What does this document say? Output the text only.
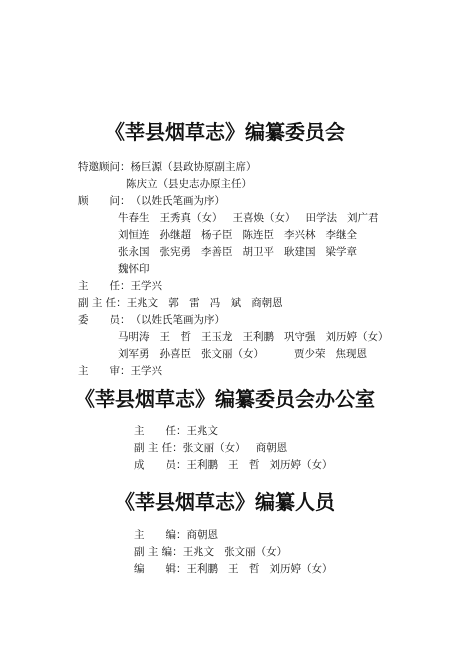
《莘县烟草志》编纂委员会
特邀顾问：杨巨源（县政协原副主席）
陈庆立（县史志办原主任）
顾　　问：（以姓氏笔画为序）
牛春生 王秀真（女） 王喜焕（女） 田学法 刘广君
刘恒连 孙继超 杨子臣 陈连臣 李兴林 李继全
张永国 张宪勇 李善臣 胡卫平 耿建国 梁学章
魏怀印
主　　任：王学兴
副 主 任：王兆文 郭　雷 冯　斌 商朝恩
委　　员：（以姓氏笔画为序）
马明涛 王　哲 王玉龙 王利鹏 巩守强 刘历婷（女）
刘军勇 孙喜臣 张文丽（女）	贾少荣 焦现恩
主　　审：王学兴
《莘县烟草志》编纂委员会办公室
主　　任：王兆文
副 主 任：张文丽（女） 商朝恩
成　　员：王利鹏 王　哲 刘历婷（女）
《莘县烟草志》编纂人员
主　　编：商朝恩
副 主 编：王兆文 张文丽（女）
编　　辑：王利鹏 王　哲 刘历婷（女）
